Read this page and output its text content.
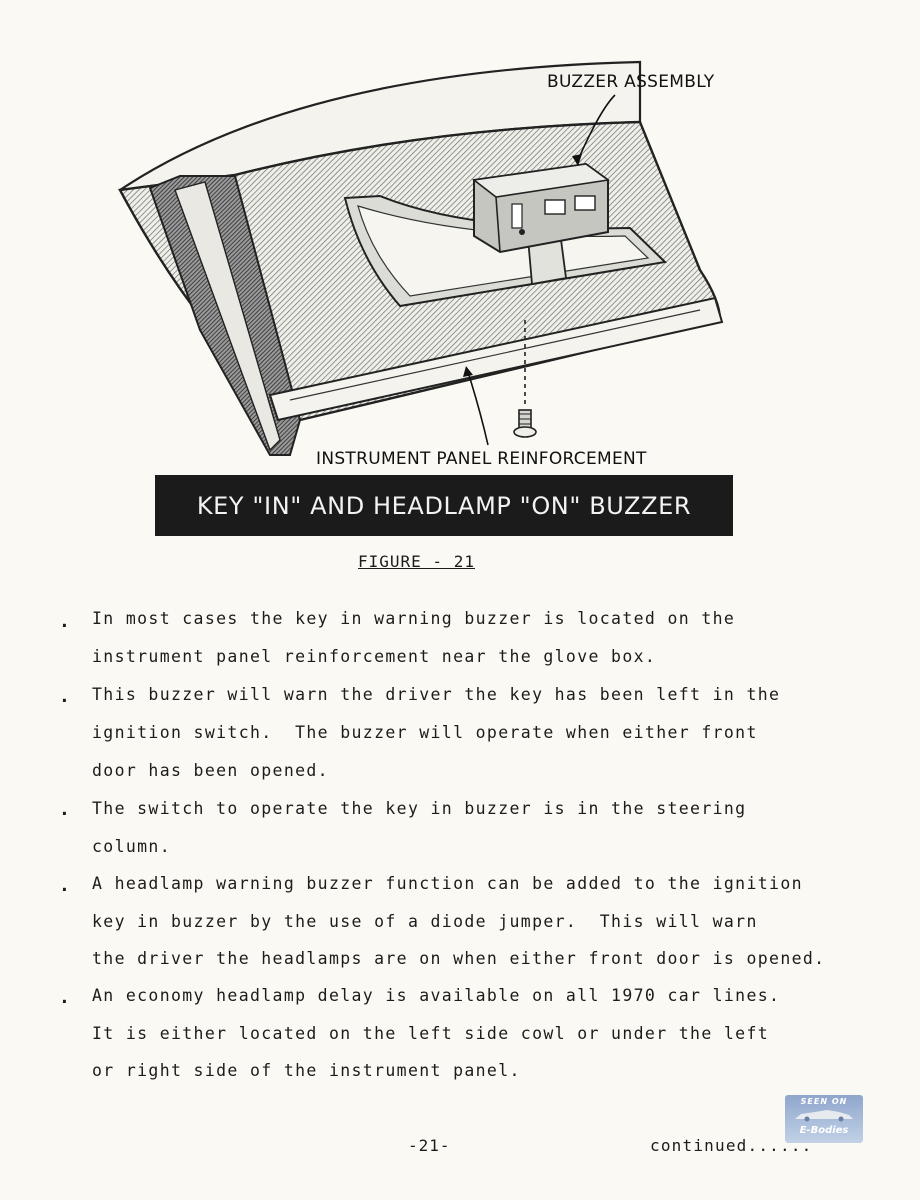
BUZZER ASSEMBLY
INSTRUMENT PANEL REINFORCEMENT
KEY "IN" AND HEADLAMP "ON" BUZZER
FIGURE - 21
. In most cases the key in warning buzzer is located on the
instrument panel reinforcement near the glove box.
. This buzzer will warn the driver the key has been left in the
ignition switch.  The buzzer will operate when either front
door has been opened.
. The switch to operate the key in buzzer is in the steering
column.
. A headlamp warning buzzer function can be added to the ignition
key in buzzer by the use of a diode jumper.  This will warn
the driver the headlamps are on when either front door is opened.
. An economy headlamp delay is available on all 1970 car lines.
It is either located on the left side cowl or under the left
or right side of the instrument panel.
SEEN ON
E-Bodies
-21-	continued......
